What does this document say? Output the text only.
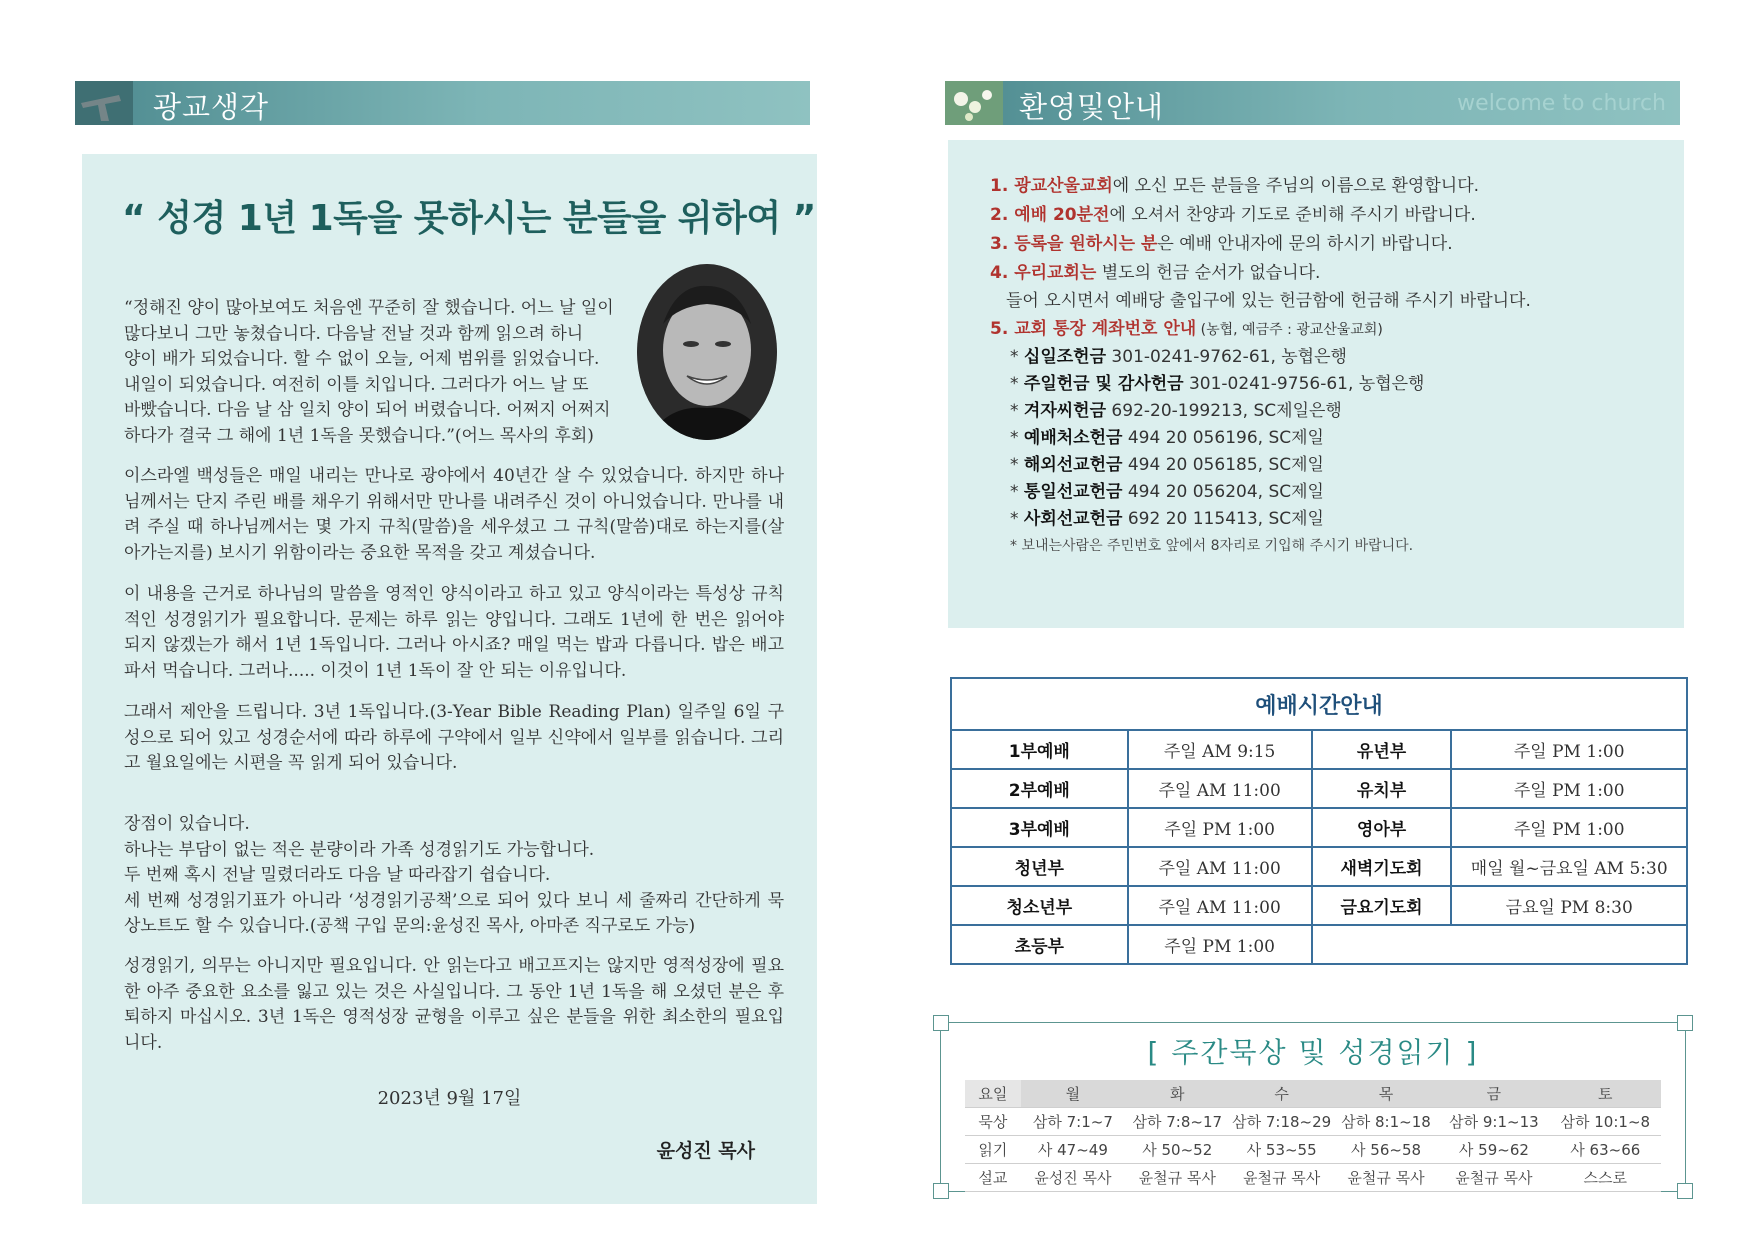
광교생각
“ 성경 1년 1독을 못하시는 분들을 위하여 ”
“정해진 양이 많아보여도 처음엔 꾸준히 잘 했습니다. 어느 날 일이
많다보니 그만 놓쳤습니다. 다음날 전날 것과 함께 읽으려 하니
양이 배가 되었습니다. 할 수 없이 오늘, 어제 범위를 읽었습니다.
내일이 되었습니다. 여전히 이틀 치입니다. 그러다가 어느 날 또
바빴습니다. 다음 날 삼 일치 양이 되어 버렸습니다. 어쩌지 어쩌지
하다가 결국 그 해에 1년 1독을 못했습니다.”(어느 목사의 후회)
이스라엘 백성들은 매일 내리는 만나로 광야에서 40년간 살 수 있었습니다. 하지만 하나님께서는 단지 주린 배를 채우기 위해서만 만나를 내려주신 것이 아니었습니다. 만나를 내려 주실 때 하나님께서는 몇 가지 규칙(말씀)을 세우셨고 그 규칙(말씀)대로 하는지를(살아가는지를) 보시기 위함이라는 중요한 목적을 갖고 계셨습니다.
이 내용을 근거로 하나님의 말씀을 영적인 양식이라고 하고 있고 양식이라는 특성상 규칙적인 성경읽기가 필요합니다. 문제는 하루 읽는 양입니다. 그래도 1년에 한 번은 읽어야 되지 않겠는가 해서 1년 1독입니다. 그러나 아시죠? 매일 먹는 밥과 다릅니다. 밥은 배고파서 먹습니다. 그러나..... 이것이 1년 1독이 잘 안 되는 이유입니다.
그래서 제안을 드립니다. 3년 1독입니다.(3-Year Bible Reading Plan) 일주일 6일 구성으로 되어 있고 성경순서에 따라 하루에 구약에서 일부 신약에서 일부를 읽습니다. 그리고 월요일에는 시편을 꼭 읽게 되어 있습니다.
장점이 있습니다.
하나는 부담이 없는 적은 분량이라 가족 성경읽기도 가능합니다.
두 번째 혹시 전날 밀렸더라도 다음 날 따라잡기 쉽습니다.
세 번째 성경읽기표가 아니라 ‘성경읽기공책’으로 되어 있다 보니 세 줄짜리 간단하게 묵상노트도 할 수 있습니다.(공책 구입 문의:윤성진 목사, 아마존 직구로도 가능)
성경읽기, 의무는 아니지만 필요입니다. 안 읽는다고 배고프지는 않지만 영적성장에 필요한 아주 중요한 요소를 잃고 있는 것은 사실입니다. 그 동안 1년 1독을 해 오셨던 분은 후퇴하지 마십시오. 3년 1독은 영적성장 균형을 이루고 싶은 분들을 위한 최소한의 필요입니다.
2023년 9월 17일
윤성진 목사
환영및안내	welcome to church
1. 광교산울교회에 오신 모든 분들을 주님의 이름으로 환영합니다.
2. 예배 20분전에 오셔서 찬양과 기도로 준비해 주시기 바랍니다.
3. 등록을 원하시는 분은 예배 안내자에 문의 하시기 바랍니다.
4. 우리교회는 별도의 헌금 순서가 없습니다.
들어 오시면서 예배당 출입구에 있는 헌금함에 헌금해 주시기 바랍니다.
5. 교회 통장 계좌번호 안내 (농협, 예금주 : 광교산울교회)
* 십일조헌금 301-0241-9762-61, 농협은행
* 주일헌금 및 감사헌금 301-0241-9756-61, 농협은행
* 겨자씨헌금 692-20-199213, SC제일은행
* 예배처소헌금 494 20 056196, SC제일
* 해외선교헌금 494 20 056185, SC제일
* 통일선교헌금 494 20 056204, SC제일
* 사회선교헌금 692 20 115413, SC제일
* 보내는사람은 주민번호 앞에서 8자리로 기입해 주시기 바랍니다.
예배시간안내			
1부예배	주일 AM 9:15	유년부	주일 PM 1:00
2부예배	주일 AM 11:00	유치부	주일 PM 1:00
3부예배	주일 PM 1:00	영아부	주일 PM 1:00
청년부	주일 AM 11:00	새벽기도회	매일 월~금요일 AM 5:30
청소년부	주일 AM 11:00	금요기도회	금요일 PM 8:30
초등부	주일 PM 1:00		
[ 주간묵상 및 성경읽기 ]
요일	월	화	수	목	금	토
묵상	삼하 7:1~7	삼하 7:8~17	삼하 7:18~29	삼하 8:1~18	삼하 9:1~13	삼하 10:1~8
읽기	사 47~49	사 50~52	사 53~55	사 56~58	사 59~62	사 63~66
설교	윤성진 목사	윤철규 목사	윤철규 목사	윤철규 목사	윤철규 목사	스스로
